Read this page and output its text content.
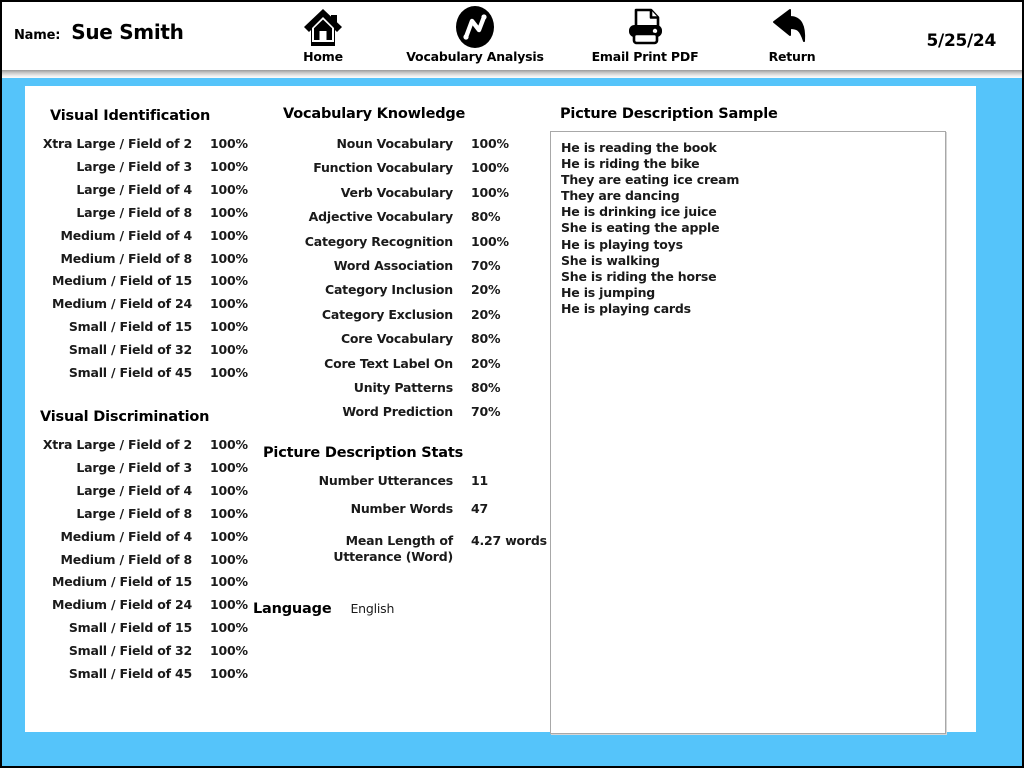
Name: Sue Smith
Home	Vocabulary Analysis	Email Print PDF	Return
5/25/24
Visual Identification
Xtra Large / Field of 2 100%
Large / Field of 3 100%
Large / Field of 4 100%
Large / Field of 8 100%
Medium / Field of 4 100%
Medium / Field of 8 100%
Medium / Field of 15 100%
Medium / Field of 24 100%
Small / Field of 15 100%
Small / Field of 32 100%
Small / Field of 45 100%
Visual Discrimination
Xtra Large / Field of 2 100%
Large / Field of 3 100%
Large / Field of 4 100%
Large / Field of 8 100%
Medium / Field of 4 100%
Medium / Field of 8 100%
Medium / Field of 15 100%
Medium / Field of 24 100%
Small / Field of 15 100%
Small / Field of 32 100%
Small / Field of 45 100%
Vocabulary Knowledge
Noun Vocabulary 100%
Function Vocabulary 100%
Verb Vocabulary 100%
Adjective Vocabulary 80%
Category Recognition 100%
Word Association 70%
Category Inclusion 20%
Category Exclusion 20%
Core Vocabulary 80%
Core Text Label On 20%
Unity Patterns 80%
Word Prediction 70%
Picture Description Stats
Number Utterances 11
Number Words 47
Mean Length of Utterance (Word)
4.27 words
Language English
Picture Description Sample
He is reading the book
He is riding the bike
They are eating ice cream
They are dancing
He is drinking ice juice
She is eating the apple
He is playing toys
She is walking
She is riding the horse
He is jumping
He is playing cards
